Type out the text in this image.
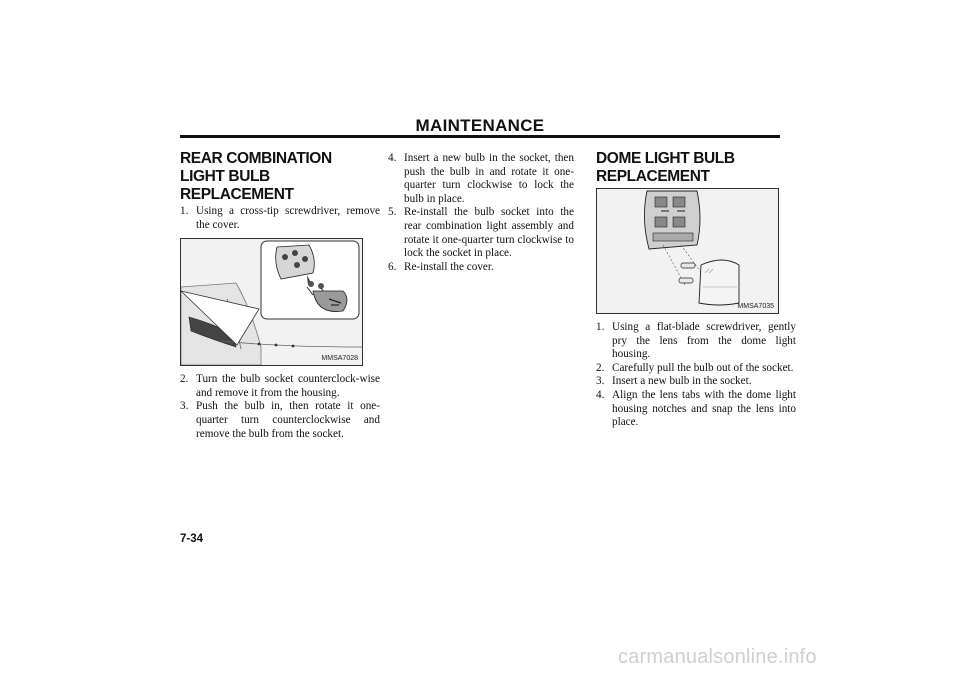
MAINTENANCE
REAR COMBINATION LIGHT BULB REPLACEMENT
1. Using a cross-tip screwdriver, remove the cover.
MMSA7028
2. Turn the bulb socket counterclock-wise and remove it from the housing.
3. Push the bulb in, then rotate it one-quarter turn counterclockwise and remove the bulb from the socket.
4. Insert a new bulb in the socket, then push the bulb in and rotate it one-quarter turn clockwise to lock the bulb in place.
5. Re-install the bulb socket into the rear combination light assembly and rotate it one-quarter turn clockwise to lock the socket in place.
6. Re-install the cover.
DOME LIGHT BULB REPLACEMENT
MMSA7035
1. Using a flat-blade screwdriver, gently pry the lens from the dome light housing.
2. Carefully pull the bulb out of the socket.
3. Insert a new bulb in the socket.
4. Align the lens tabs with the dome light housing notches and snap the lens into place.
7-34
carmanualsonline.info
